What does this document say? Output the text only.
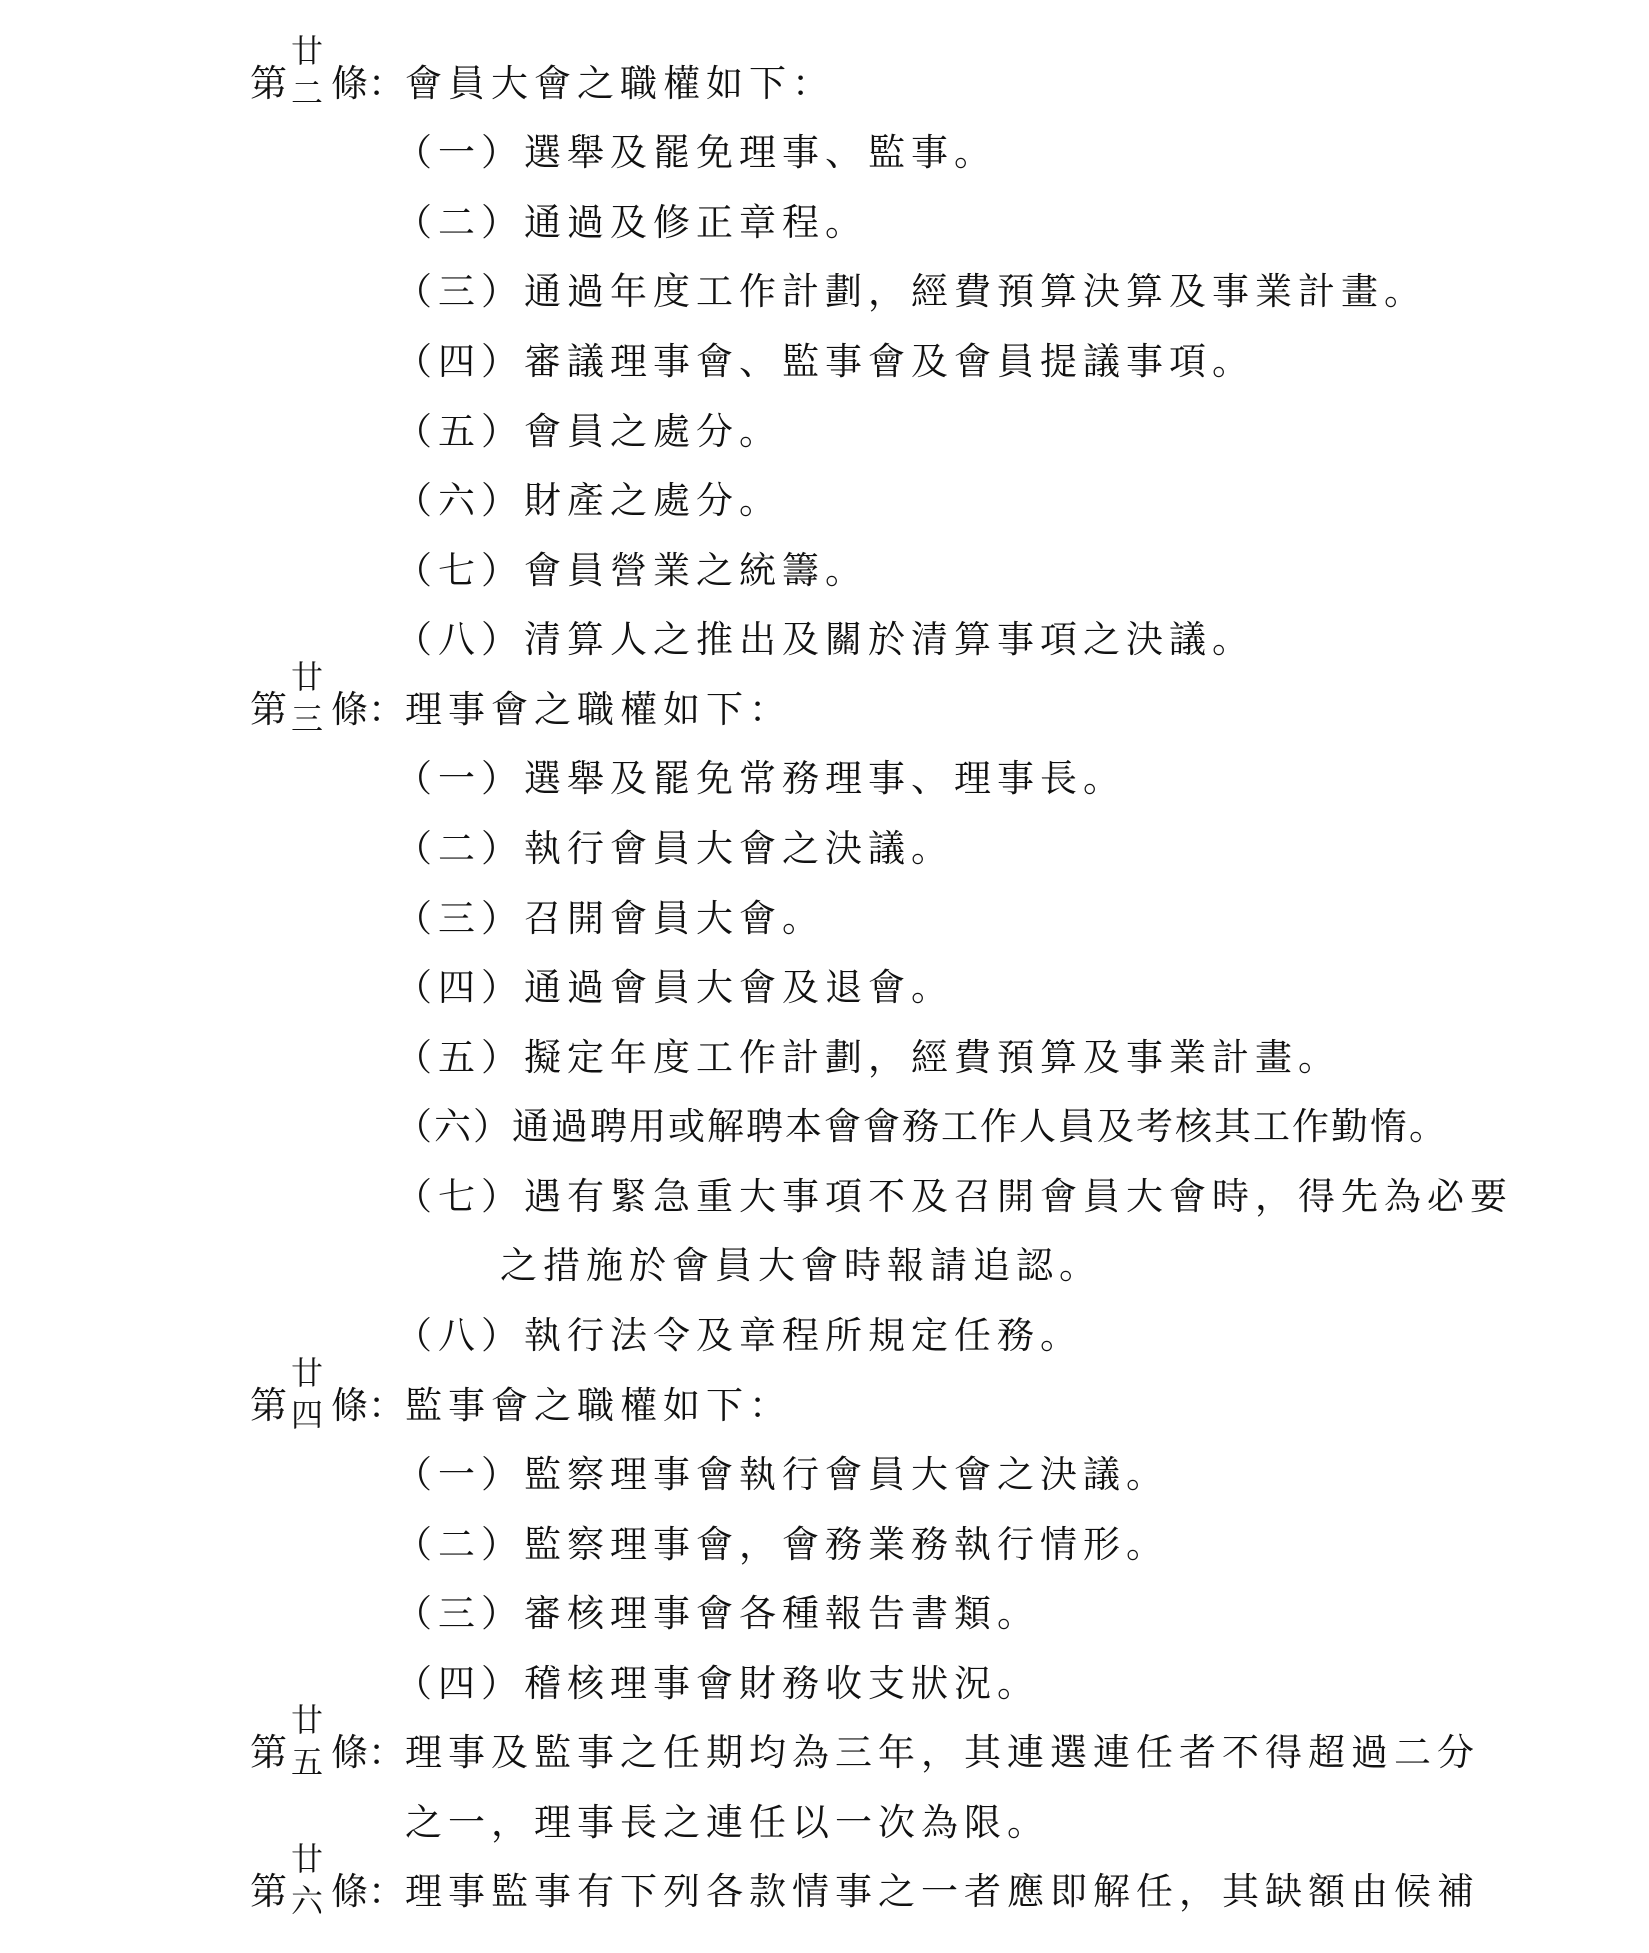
第
廿
二 條：會員大會之職權如下：
（一）選舉及罷免理事、監事。
（二）通過及修正章程。
（三）通過年度工作計劃，經費預算決算及事業計畫。
（四）審議理事會、監事會及會員提議事項。
（五）會員之處分。
（六）財產之處分。
（七）會員營業之統籌。
（八）清算人之推出及關於清算事項之決議。
第
廿
三 條：理事會之職權如下：
（一）選舉及罷免常務理事、理事長。
（二）執行會員大會之決議。
（三）召開會員大會。
（四）通過會員大會及退會。
（五）擬定年度工作計劃，經費預算及事業計畫。
（六）通過聘用或解聘本會會務工作人員及考核其工作勤惰。
（七）遇有緊急重大事項不及召開會員大會時，得先為必要
之措施於會員大會時報請追認。
（八）執行法令及章程所規定任務。
第
廿
四 條：監事會之職權如下：
（一）監察理事會執行會員大會之決議。
（二）監察理事會，會務業務執行情形。
（三）審核理事會各種報告書類。
（四）稽核理事會財務收支狀況。
第
廿
五 條：理事及監事之任期均為三年，其連選連任者不得超過二分
之一，理事長之連任以一次為限。
第
廿
六 條：理事監事有下列各款情事之一者應即解任，其缺額由候補
